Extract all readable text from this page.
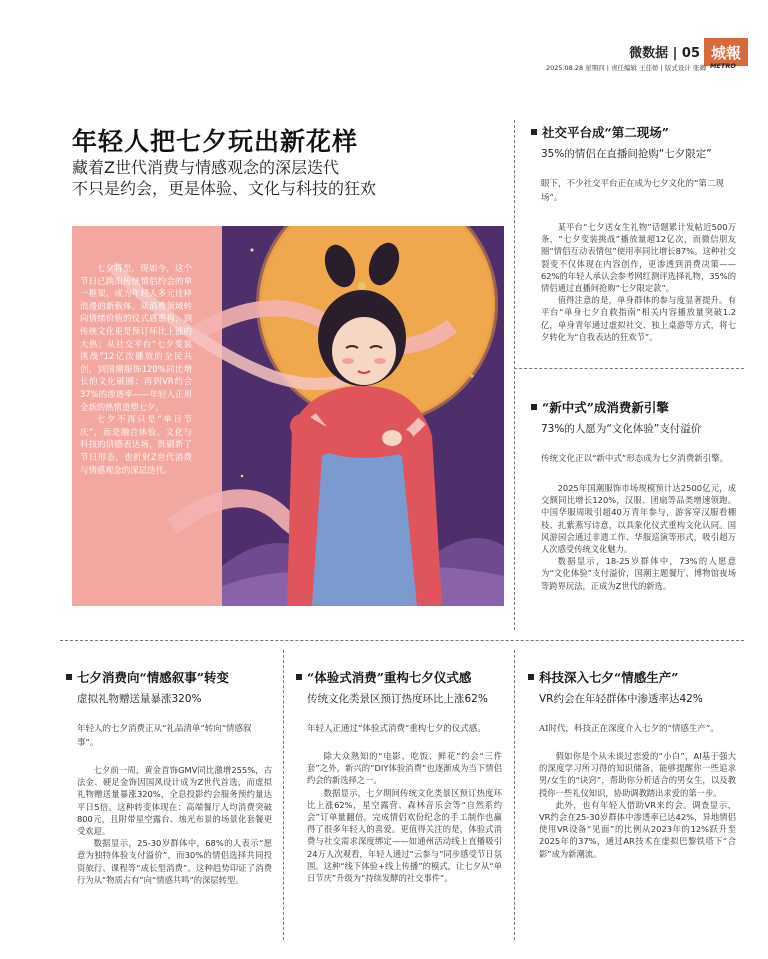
微数据 | 05 城報
2025.08.28 星期四 | 责任编辑 王佳娇 | 版式设计 张卿 METRO
年轻人把七夕玩出新花样
藏着Z世代消费与情感观念的深层迭代
不只是约会，更是体验、文化与科技的狂欢

七夕将至，现如今，这个节日已跳出传统情侣约会的单一框架，成为年轻人多元诠释浪漫的新载体。从消费领域转向情绪价值的仪式感重构，到传统文化更是预订环比上涨的大热；从社交平台“七夕变装挑战”12亿次播放的全民共创，到国潮服饰120%同比增长的文化破圈；再到VR约会37%的渗透率——年轻人正用全新的热情重塑七夕。

七夕不再只是“单日节庆”，而是融合体验、文化与科技的情感表达场，既刷新了节日形态，也折射Z世代消费与情感观念的深层迭代。

社交平台成“第二现场”
35%的情侣在直播间抢购“七夕限定”
眼下，不少社交平台正在成为七夕文化的“第二现场”。

某平台“七夕送女生礼物”话题累计发帖近500万条，“七夕变装挑战”播放量超12亿次，而微信朋友圈“情侣互动表情包”使用率同比增长87%。这种社交裂变不仅体现在内容创作，更渗透到消费决策——62%的年轻人承认会参考网红测评选择礼物，35%的情侣通过直播间抢购“七夕限定款”。

值得注意的是，单身群体的参与度显著提升。有平台“单身七夕自救指南”相关内容播放量突破1.2亿，单身青年通过虚拟社交、独上桌游等方式，将七夕转化为“自我表达的狂欢节”。

“新中式”成消费新引擎
73%的人愿为“文化体验”支付溢价
传统文化正以“新中式”形态成为七夕消费新引擎。

2025年国潮服饰市场规模预计达2500亿元，成交额同比增长120%，汉服、团扇等品类增速领跑。中国华服周吸引超40万青年参与，游客穿汉服看棚枝、扎紫燕写诗意，以具象化仪式重构文化认同。国风游园会通过非遗工作、华服巡演等形式，吸引超万人次感受传统文化魅力。

数据显示，18-25岁群体中，73%的人愿意为“文化体验”支付溢价，国潮主题餐厅、博物馆夜场等跨界玩法，正成为Z世代的新选。

七夕消费向“情感叙事”转变
虚拟礼物赠送量暴涨320%
年轻人的七夕消费正从“礼品清单”转向“情感叙事”。

七夕前一周，黄金首饰GMV同比激增255%，古法金、硬足金饰因国风设计成为Z世代首选，而虚拟礼物赠送量暴涨320%，全息投影约会服务预约量达平日5倍。这种转变体现在：高端餐厅人均消费突破800元，且附带星空露台、烛光布景的场景化套餐更受欢迎。

数据显示，25-30岁群体中，68%的人表示“愿意为独特体验支付溢价”，而30%的情侣选择共同投资旅行、课程等“成长型消费”。这种趋势印证了消费行为从“物质占有”向“情感共鸣”的深层转型。

“体验式消费”重构七夕仪式感
传统文化类景区预订热度环比上涨62%
年轻人正通过“体验式消费”重构七夕的仪式感。

除大众熟知的“电影、吃饭、鲜花”约会“三件套”之外，新兴的“DIY体验消费”也逐渐成为当下情侣约会的新选择之一。

数据显示，七夕期间传统文化类景区预订热度环比上涨62%，星空露营、森林音乐会等“自然系约会”订单量翻倍，完成情侣欢份纪念的手工制作也赢得了很多年轻人的喜爱。更值得关注的是，体验式消费与社交需求深度绑定——如通州活动线上直播吸引24万人次观看，年轻人通过“云参与”同步感受节日氛围。这种“线下体验+线上传播”的模式，让七夕从“单日节庆”升级为“持续发酵的社交事件”。

科技深入七夕“情感生产”
VR约会在年轻群体中渗透率达42%
AI时代，科技正在深度介入七夕的“情感生产”。

假如你是个从未谈过恋爱的“小白”，AI基于强大的深度学习所习得的知识储备，能够提醒你一些追求男/女生的“诀窍”，帮助你分析适合的男女生，以及教授你一些礼仪知识，协助调教踏出求爱的第一步。

此外，也有年轻人借助VR来约会。调查显示，VR约会在25-30岁群体中渗透率已达42%，异地情侣使用VR设备“见面”的比例从2023年的12%跃升至2025年的37%，通过AR技术在虚拟巴黎铁塔下“合影”成为新潮流。
